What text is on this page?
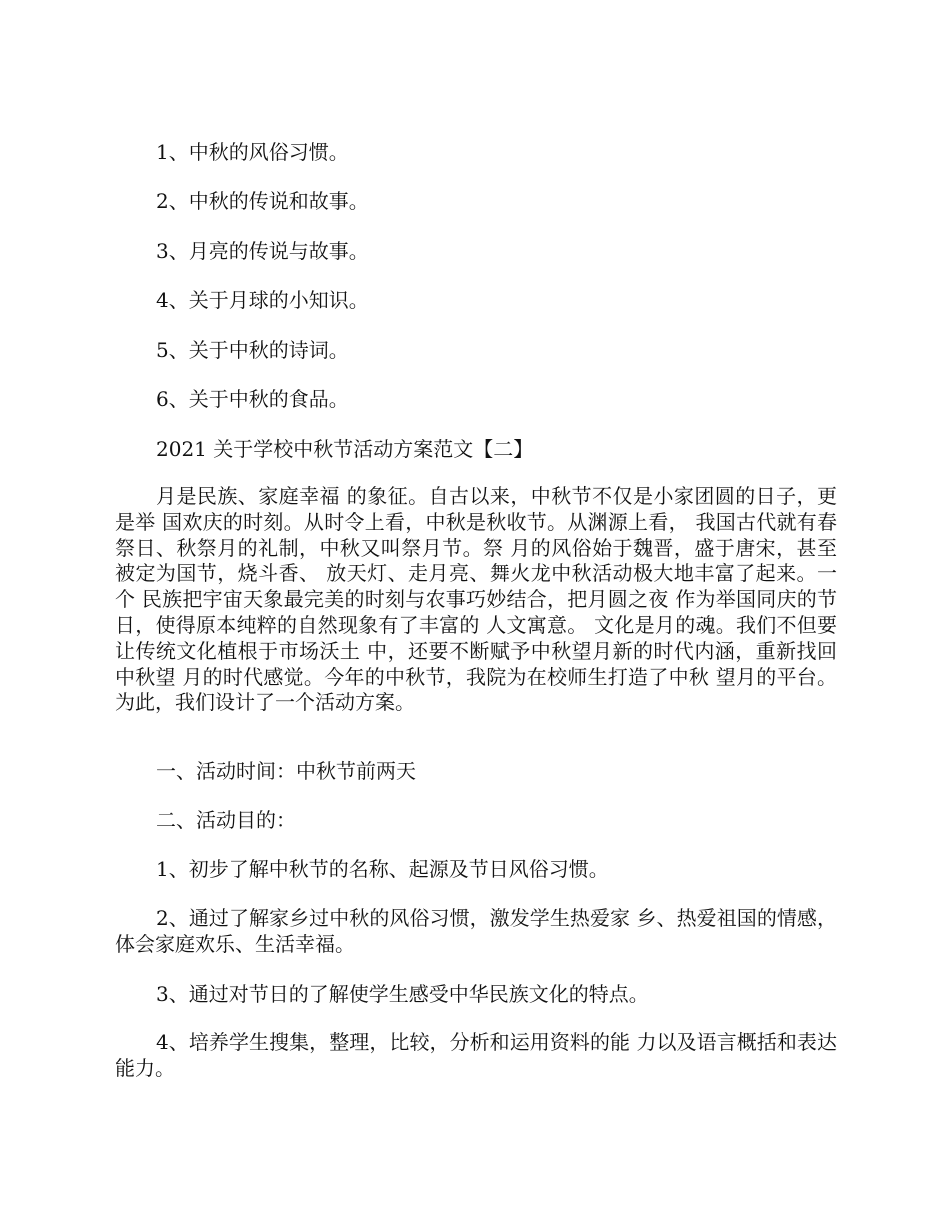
1、中秋的风俗习惯。

2、中秋的传说和故事。

3、月亮的传说与故事。

4、关于月球的小知识。

5、关于中秋的诗词。

6、关于中秋的食品。

2021 关于学校中秋节活动方案范文【二】

月是民族、家庭幸福 的象征。自古以来，中秋节不仅是小家团圆的日子，更是举 国欢庆的时刻。从时令上看，中秋是秋收节。从渊源上看， 我国古代就有春祭日、秋祭月的礼制，中秋又叫祭月节。祭 月的风俗始于魏晋，盛于唐宋，甚至被定为国节，烧斗香、 放天灯、走月亮、舞火龙中秋活动极大地丰富了起来。一个 民族把宇宙天象最完美的时刻与农事巧妙结合，把月圆之夜 作为举国同庆的节日，使得原本纯粹的自然现象有了丰富的 人文寓意。 文化是月的魂。我们不但要让传统文化植根于市场沃土 中，还要不断赋予中秋望月新的时代内涵，重新找回中秋望 月的时代感觉。今年的中秋节，我院为在校师生打造了中秋 望月的平台。为此，我们设计了一个活动方案。

一、活动时间：中秋节前两天

二、活动目的：

1、初步了解中秋节的名称、起源及节日风俗习惯。

2、通过了解家乡过中秋的风俗习惯，激发学生热爱家 乡、热爱祖国的情感，体会家庭欢乐、生活幸福。

3、通过对节日的了解使学生感受中华民族文化的特点。

4、培养学生搜集，整理，比较，分析和运用资料的能 力以及语言概括和表达能力。
